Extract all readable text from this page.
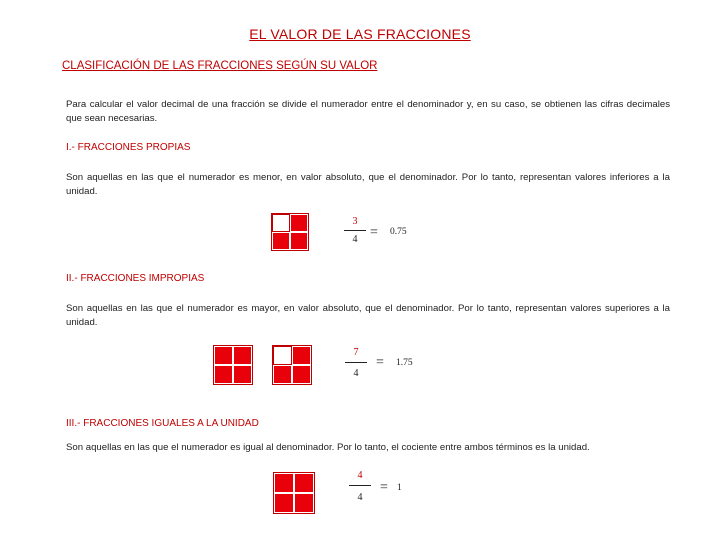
EL VALOR DE LAS FRACCIONES
CLASIFICACIÓN DE LAS FRACCIONES SEGÚN SU VALOR
Para calcular el valor decimal de una fracción se divide el numerador entre el denominador y, en su caso, se obtienen las cifras decimales que sean necesarias.
I.- FRACCIONES PROPIAS
Son aquellas en las que el numerador es menor, en valor absoluto, que el denominador. Por lo tanto, representan valores inferiores a la unidad.
3
4 = 0.75
II.- FRACCIONES IMPROPIAS
Son aquellas en las que el numerador es mayor, en valor absoluto, que el denominador. Por lo tanto, representan valores superiores a la unidad.
7
4
= 1.75
III.- FRACCIONES IGUALES A LA UNIDAD
Son aquellas en las que el numerador es igual al denominador. Por lo tanto, el cociente entre ambos términos es la unidad.
4
4
= 1
